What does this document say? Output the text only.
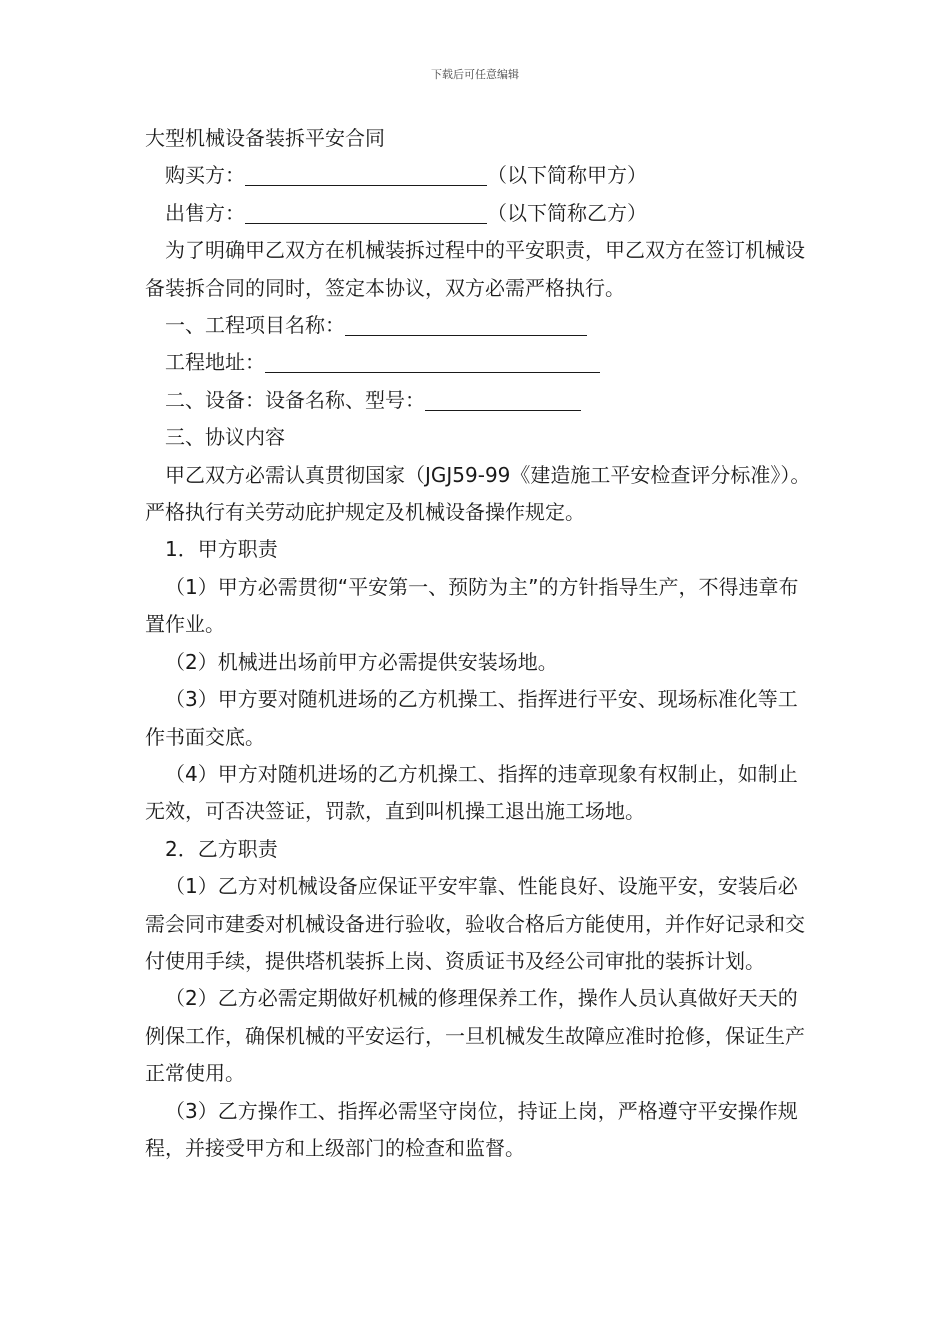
下载后可任意编辑
大型机械设备装拆平安合同
购买方：	（以下简称甲方）
出售方：	（以下简称乙方）
为了明确甲乙双方在机械装拆过程中的平安职责，甲乙双方在签订机械设备装拆合同的同时，签定本协议，双方必需严格执行。
一、工程项目名称：
工程地址：
二、设备：设备名称、型号：
三、协议内容
甲乙双方必需认真贯彻国家（JGJ59-99《建造施工平安检查评分标准》）。严格执行有关劳动庇护规定及机械设备操作规定。
1．甲方职责
（1）甲方必需贯彻“平安第一、预防为主”的方针指导生产，不得违章布置作业。
（2）机械进出场前甲方必需提供安装场地。
（3）甲方要对随机进场的乙方机操工、指挥进行平安、现场标准化等工作书面交底。
（4）甲方对随机进场的乙方机操工、指挥的违章现象有权制止，如制止无效，可否决签证，罚款，直到叫机操工退出施工场地。
2．乙方职责
（1）乙方对机械设备应保证平安牢靠、性能良好、设施平安，安装后必需会同市建委对机械设备进行验收，验收合格后方能使用，并作好记录和交付使用手续，提供塔机装拆上岗、资质证书及经公司审批的装拆计划。
（2）乙方必需定期做好机械的修理保养工作，操作人员认真做好天天的例保工作，确保机械的平安运行，一旦机械发生故障应准时抢修，保证生产正常使用。
（3）乙方操作工、指挥必需坚守岗位，持证上岗，严格遵守平安操作规程，并接受甲方和上级部门的检查和监督。
